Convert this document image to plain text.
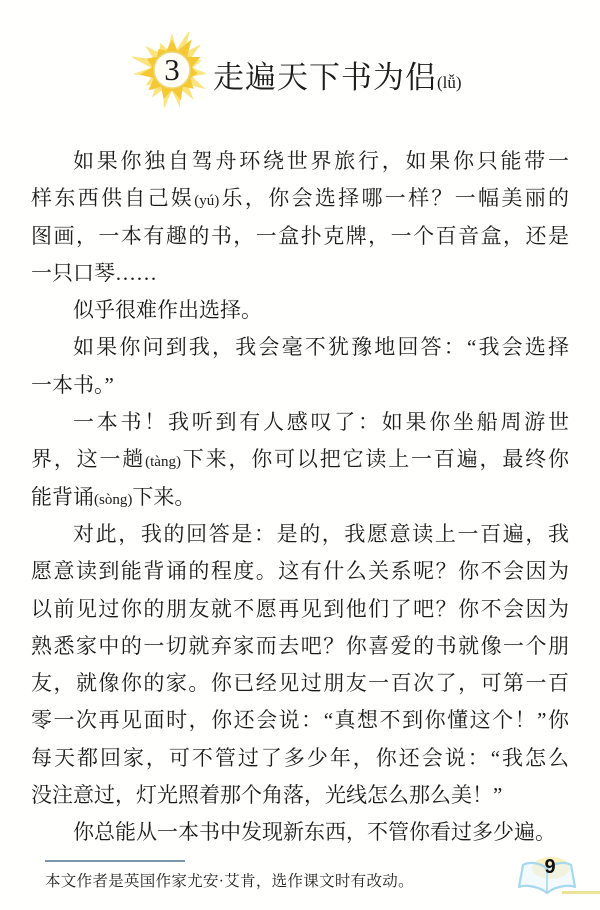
3	走遍天下书为侣(lǚ)
如果你独自驾舟环绕世界旅行，如果你只能带一
样东西供自己娱(yú)乐，你会选择哪一样？一幅美丽的
图画，一本有趣的书，一盒扑克牌，一个百音盒，还是
一只口琴……
似乎很难作出选择。
如果你问到我，我会毫不犹豫地回答：“我会选择
一本书。”
一本书！我听到有人感叹了：如果你坐船周游世
界，这一趟(tàng)下来，你可以把它读上一百遍，最终你
能背诵(sòng)下来。
对此，我的回答是：是的，我愿意读上一百遍，我
愿意读到能背诵的程度。这有什么关系呢？你不会因为
以前见过你的朋友就不愿再见到他们了吧？你不会因为
熟悉家中的一切就弃家而去吧？你喜爱的书就像一个朋
友，就像你的家。你已经见过朋友一百次了，可第一百
零一次再见面时，你还会说：“真想不到你懂这个！”你
每天都回家，可不管过了多少年，你还会说：“我怎么
没注意过，灯光照着那个角落，光线怎么那么美！”
你总能从一本书中发现新东西，不管你看过多少遍。
本文作者是英国作家尤安·艾肯，选作课文时有改动。
9
